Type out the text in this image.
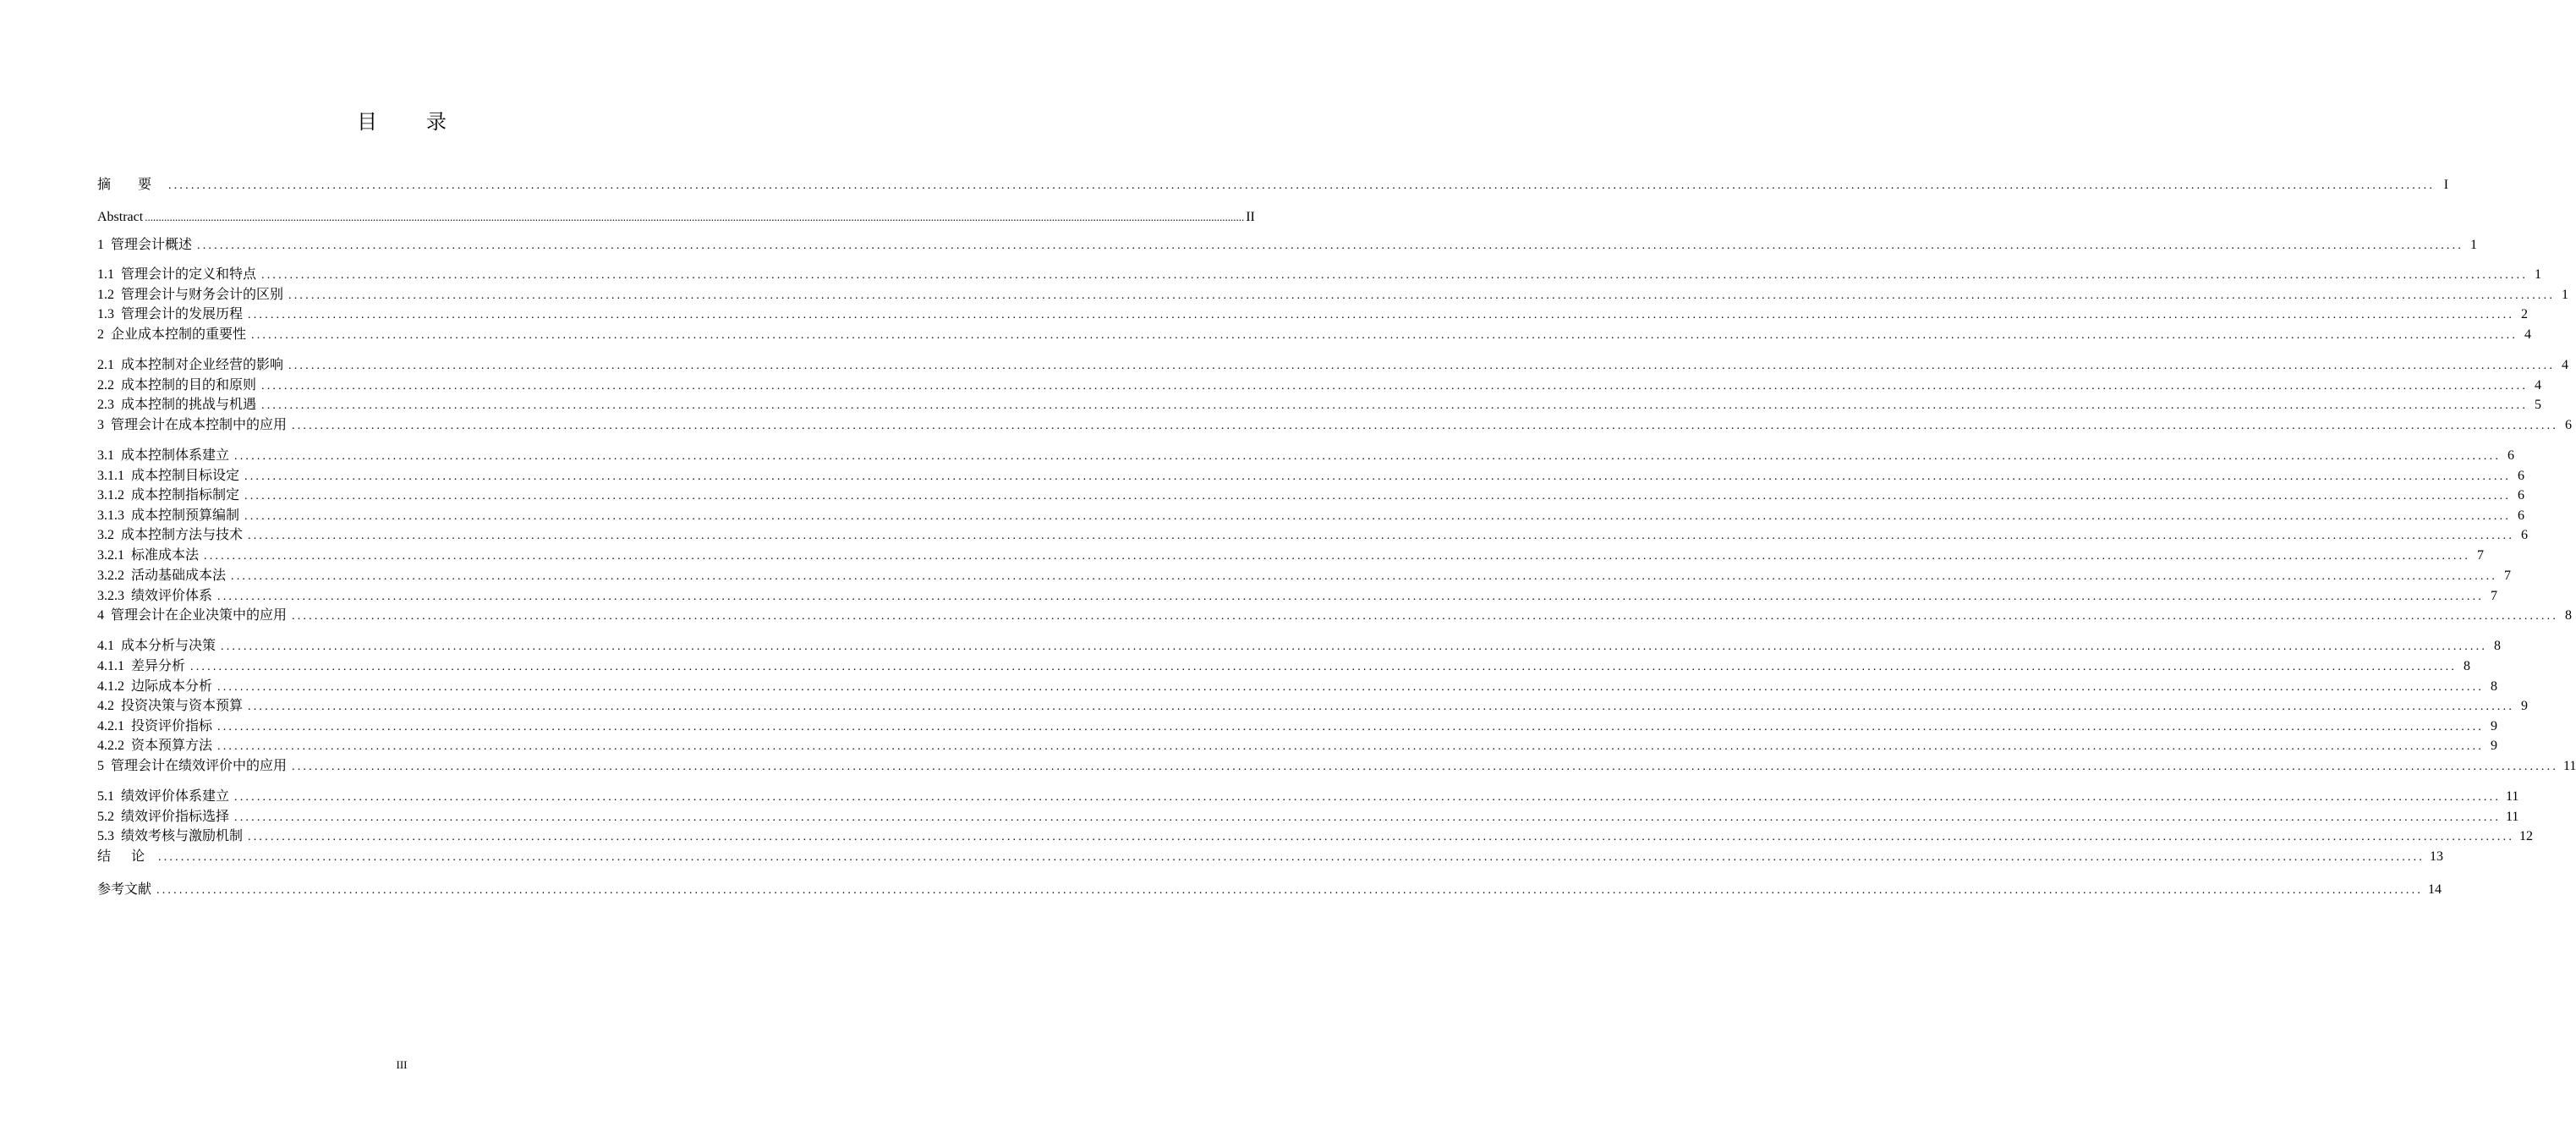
目 录
摘 要 ................................................................................................................................................................................................................................................................................................................................................................................................................ I
Abstract ................................................................................................................................................................................................................................................................................................................................................................................................................ II
1 管理会计概述 ................................................................................................................................................................................................................................................................................................................................................................................................................ 1
1.1 管理会计的定义和特点 ................................................................................................................................................................................................................................................................................................................................................................................................................ 1
1.2 管理会计与财务会计的区别 ................................................................................................................................................................................................................................................................................................................................................................................................................ 1
1.3 管理会计的发展历程 ................................................................................................................................................................................................................................................................................................................................................................................................................ 2
2 企业成本控制的重要性 ................................................................................................................................................................................................................................................................................................................................................................................................................ 4
2.1 成本控制对企业经营的影响 ................................................................................................................................................................................................................................................................................................................................................................................................................ 4
2.2 成本控制的目的和原则 ................................................................................................................................................................................................................................................................................................................................................................................................................ 4
2.3 成本控制的挑战与机遇 ................................................................................................................................................................................................................................................................................................................................................................................................................ 5
3 管理会计在成本控制中的应用 ................................................................................................................................................................................................................................................................................................................................................................................................................ 6
3.1 成本控制体系建立 ................................................................................................................................................................................................................................................................................................................................................................................................................ 6
3.1.1 成本控制目标设定 ................................................................................................................................................................................................................................................................................................................................................................................................................ 6
3.1.2 成本控制指标制定 ................................................................................................................................................................................................................................................................................................................................................................................................................ 6
3.1.3 成本控制预算编制 ................................................................................................................................................................................................................................................................................................................................................................................................................ 6
3.2 成本控制方法与技术 ................................................................................................................................................................................................................................................................................................................................................................................................................ 6
3.2.1 标准成本法 ................................................................................................................................................................................................................................................................................................................................................................................................................ 7
3.2.2 活动基础成本法 ................................................................................................................................................................................................................................................................................................................................................................................................................ 7
3.2.3 绩效评价体系 ................................................................................................................................................................................................................................................................................................................................................................................................................ 7
4 管理会计在企业决策中的应用 ................................................................................................................................................................................................................................................................................................................................................................................................................ 8
4.1 成本分析与决策 ................................................................................................................................................................................................................................................................................................................................................................................................................ 8
4.1.1 差异分析 ................................................................................................................................................................................................................................................................................................................................................................................................................ 8
4.1.2 边际成本分析 ................................................................................................................................................................................................................................................................................................................................................................................................................ 8
4.2 投资决策与资本预算 ................................................................................................................................................................................................................................................................................................................................................................................................................ 9
4.2.1 投资评价指标 ................................................................................................................................................................................................................................................................................................................................................................................................................ 9
4.2.2 资本预算方法 ................................................................................................................................................................................................................................................................................................................................................................................................................ 9
5 管理会计在绩效评价中的应用 ................................................................................................................................................................................................................................................................................................................................................................................................................ 11
5.1 绩效评价体系建立 ................................................................................................................................................................................................................................................................................................................................................................................................................ 11
5.2 绩效评价指标选择 ................................................................................................................................................................................................................................................................................................................................................................................................................ 11
5.3 绩效考核与激励机制 ................................................................................................................................................................................................................................................................................................................................................................................................................ 12
结 论 ................................................................................................................................................................................................................................................................................................................................................................................................................ 13
参考文献 ................................................................................................................................................................................................................................................................................................................................................................................................................ 14
III
